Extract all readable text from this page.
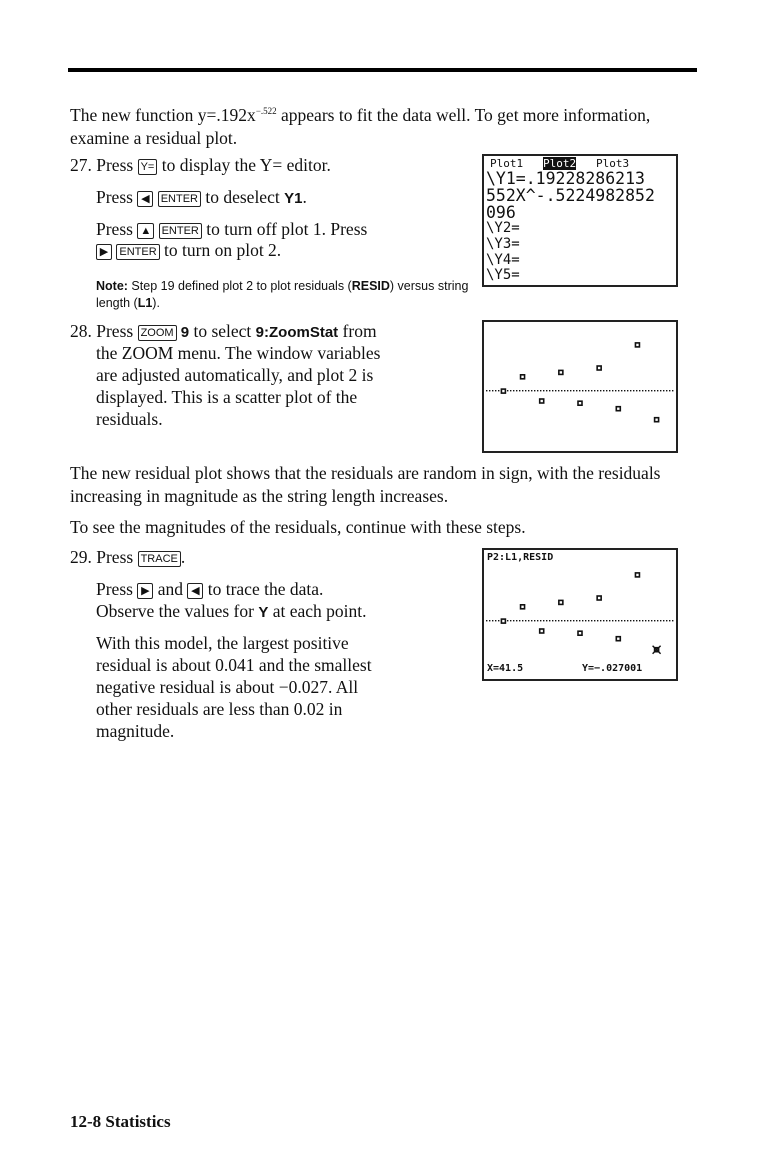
The new function $y=.192x^{-.522}$ appears to fit the data well. To get more information, examine a residual plot.

27. Press Y= to display the Y= editor.

Press ◀ ENTER to deselect Y1.

Press ▲ ENTER to turn off plot 1. Press

▶ ENTER to turn on plot 2.

Note: Step 19 defined plot 2 to plot residuals (RESID) versus string length (L1).

Plot1 Plot2 Plot3
\Y1=.19228286213
552X^-.5224982852
096
\Y2=
\Y3=
\Y4=
\Y5=

28. Press ZOOM 9 to select 9:ZoomStat from

the ZOOM menu. The window variables

are adjusted automatically, and plot 2 is

displayed. This is a scatter plot of the

residuals.

The new residual plot shows that the residuals are random in sign, with the residuals increasing in magnitude as the string length increases.

To see the magnitudes of the residuals, continue with these steps.

29. Press TRACE .

Press ▶ and ◀ to trace the data.

Observe the values for Y at each point.

With this model, the largest positive

residual is about 0.041 and the smallest

negative residual is about −0.027. All

other residuals are less than 0.02 in

magnitude.

P2:L1,RESID
X=41.5	Y=−.027001
12-8 Statistics
